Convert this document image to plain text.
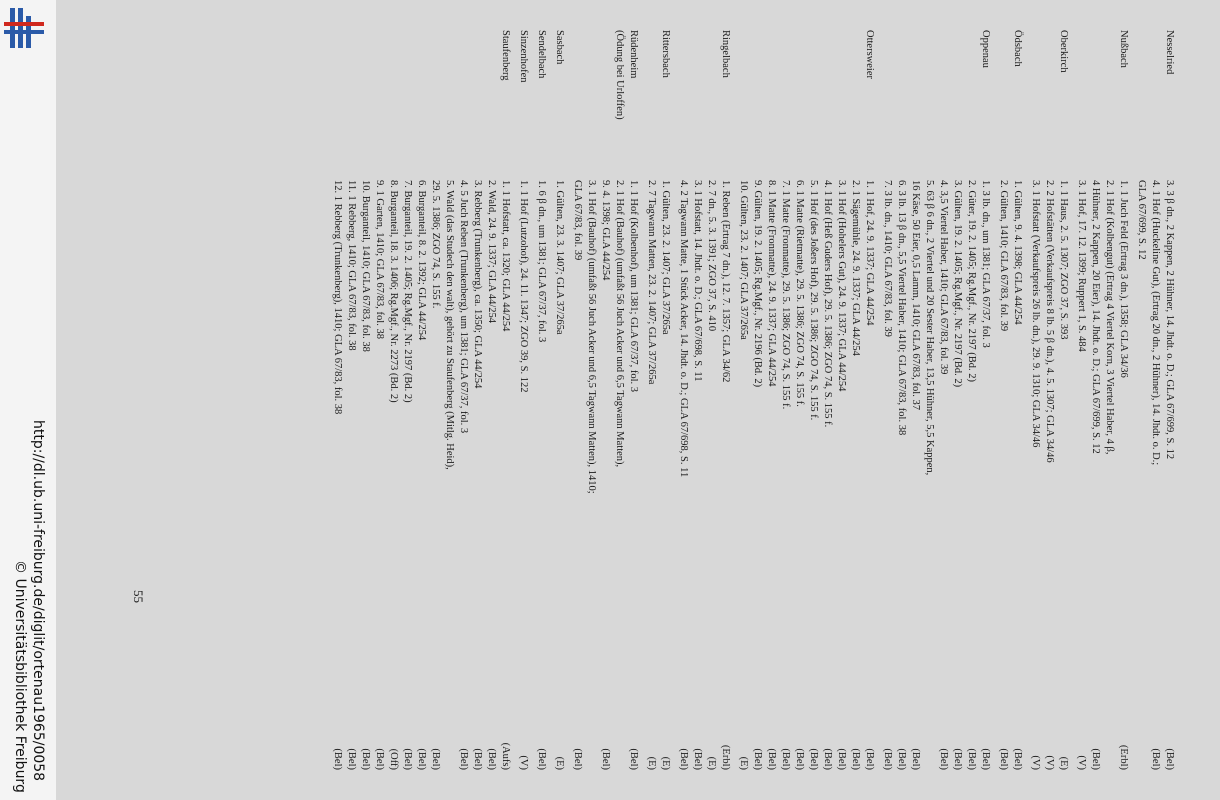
http://dl.ub.uni-freiburg.de/diglit/ortenau1965/0058
© Universitätsbibliothek Freiburg
Nesselried
3. 3 β dn., 2 Kappen, 2 Hühner, 14. Jhdt. o. D.; GLA 67/699, S. 12
(Bel)
4. 1 Hof (Huckeline Gut), (Ertrag 20 dn., 2 Hühner), 14. Jhdt. o. D.;
(Bel)
GLA 67/699, S. 12
Nußbach
1. 1 Juch Feld (Ertrag 3 dn.), 1358; GLA 34/36
(Erbl)
2. 1 Hof (Kolbengut) (Ertrag 4 Viertel Korn, 3 Viertel Haber, 4 β,
4 Hühner, 2 Kappen, 20 Eier), 14. Jhdt. o. D.; GLA 67/699, S. 12
(Bel)
3. 1 Hof, 17. 12. 1399; Ruppert 1, S. 484
(V)
Oberkirch
1. 1 Haus, 2. 5. 1307; ZGO 37, S. 393
(E)
2. 2 Hofstätten (Verkaufspreis 8 lb. 5 β dn.), 4. 5. 1307; GLA 34/46
(V)
3. 1 Hofstatt (Verkaufspreis 26 lb. dn.), 29. 9. 1310; GLA 34/46
(V)
Ödsbach
1. Gülten, 9. 4. 1398; GLA 44/254
(Bel)
2. Gülten, 1410; GLA 67/83, fol. 39
(Bel)
Oppenau
1. 3 lb. dn., um 1381; GLA 67/37, fol. 3
(Bel)
2. Güter, 19. 2. 1405; Rg.Mgf., Nr. 2197 (Bd. 2)
(Bel)
3. Gülten, 19. 2. 1405; Rg.Mgf., Nr. 2197 (Bd. 2)
(Bel)
4. 3,5 Viertel Haber, 1410; GLA 67/83, fol. 39
(Bel)
5. 63 β 6 dn., 2 Viertel und 20 Sester Haber, 13,5 Hühner, 5,5 Kappen,
16 Käse, 50 Eier, 0,5 Lamm, 1410; GLA 67/83, fol. 37
(Bel)
6. 3 lb. 13 β dn., 5,5 Viertel Haber, 1410; GLA 67/83, fol. 38
(Bel)
7. 3 lb. dn., 1410; GLA 67/83, fol. 39
(Bel)
Ottersweier
1. 1 Hof, 24. 9. 1337; GLA 44/254
(Bel)
2. 1 Sägemühle, 24. 9. 1337; GLA 44/254
(Bel)
3. 1 Hof (Hohelers Gut), 24. 9. 1337; GLA 44/254
(Bel)
4. 1 Hof (Heß Guders Hof), 29. 5. 1386; ZGO 74, S. 155 f.
(Bel)
5. 1 Hof (des Joßers Hof), 29. 5. 1386; ZGO 74, S. 155 f.
(Bel)
6. 1 Matte (Rietmatte), 29. 5. 1386; ZGO 74, S. 155 f.
(Bel)
7. 1 Matte (Fronmatte), 29. 5. 1386; ZGO 74, S. 155 f.
(Bel)
8. 1 Matte (Fronmatte), 24. 9. 1337; GLA 44/254
(Bel)
9. Gülten, 19. 2. 1405; Rg.Mgf., Nr. 2196 (Bd. 2)
(Bel)
10. Gülten, 23. 2. 1407; GLA 37/265a
(E)
Ringelbach
1. Reben (Ertrag 7 dn.), 12. 7. 1357; GLA 34/62
(Erbl)
2. 7 dn., 5. 3. 1391; ZGO 37, S. 410
(E)
3. 1 Hofstatt, 14. Jhdt. o. D.; GLA 67/698, S. 11
(Bel)
4. 2 Tagwann Matte, 1 Stück Acker, 14. Jhdt. o. D.; GLA 67/698, S. 11
(Bel)
Rittersbach
1. Gülten, 23. 2. 1407; GLA 37/265a
(E)
2. 7 Tagwann Matten, 23. 2. 1407; GLA 37/265a
(E)
Rüdenheim
1. 1 Hof (Kolbenhof), um 1381; GLA 67/37, fol. 3
(Bel)
(Ödung bei Urloffen)
2. 1 Hof (Bauhof) (umfaßt 56 Juch Acker und 6,5 Tagwann Matten),
9. 4. 1398; GLA 44/254
(Bel)
3. 1 Hof (Bauhof) (umfaßt 56 Juch Acker und 6,5 Tagwann Matten), 1410;
GLA 67/83, fol. 39
(Bel)
Sasbach
1. Gülten, 23. 3. 1407; GLA 37/265a
(E)
Sendelbach
1. 6 β dn., um 1381; GLA 67/37, fol. 3
(Bel)
Sinzenhofen
1. 1 Hof (Lutzohof), 24. 11. 1347; ZGO 39, S. 122
(V)
Staufenberg
1. 1 Hofstatt, ca. 1320; GLA 44/254
(Aufs)
2. Wald, 24. 9. 1337; GLA 44/254
(Bel)
3. Rebberg (Trunkenberg), ca. 1350; GLA 44/254
(Bel)
4. 5 Juch Reben (Trunkenberg), um 1381; GLA 67/37, fol. 3
(Bel)
5. Wald (das Studech den walt), gehört zu Staufenberg (Mitlg. Heid),
29. 5. 1386; ZGO 74, S. 155 f.
(Bel)
6. Burganteil, 8. 2. 1392; GLA 44/254
(Bel)
7. Burganteil, 19. 2. 1405; Rg.Mgf., Nr. 2197 (Bd. 2)
(Bel)
8. Burganteil, 18. 3. 1406; Rg.Mgf., Nr. 2273 (Bd. 2)
(Off)
9. 1 Garten, 1410; GLA 67/83, fol. 38
(Bel)
10. Burganteil, 1410; GLA 67/83, fol. 38
(Bel)
11. 1 Rebberg, 1410; GLA 67/83, fol. 38
(Bel)
12. 1 Rebberg (Trunkenberg), 1410; GLA 67/83, fol. 38
(Bel)
55
